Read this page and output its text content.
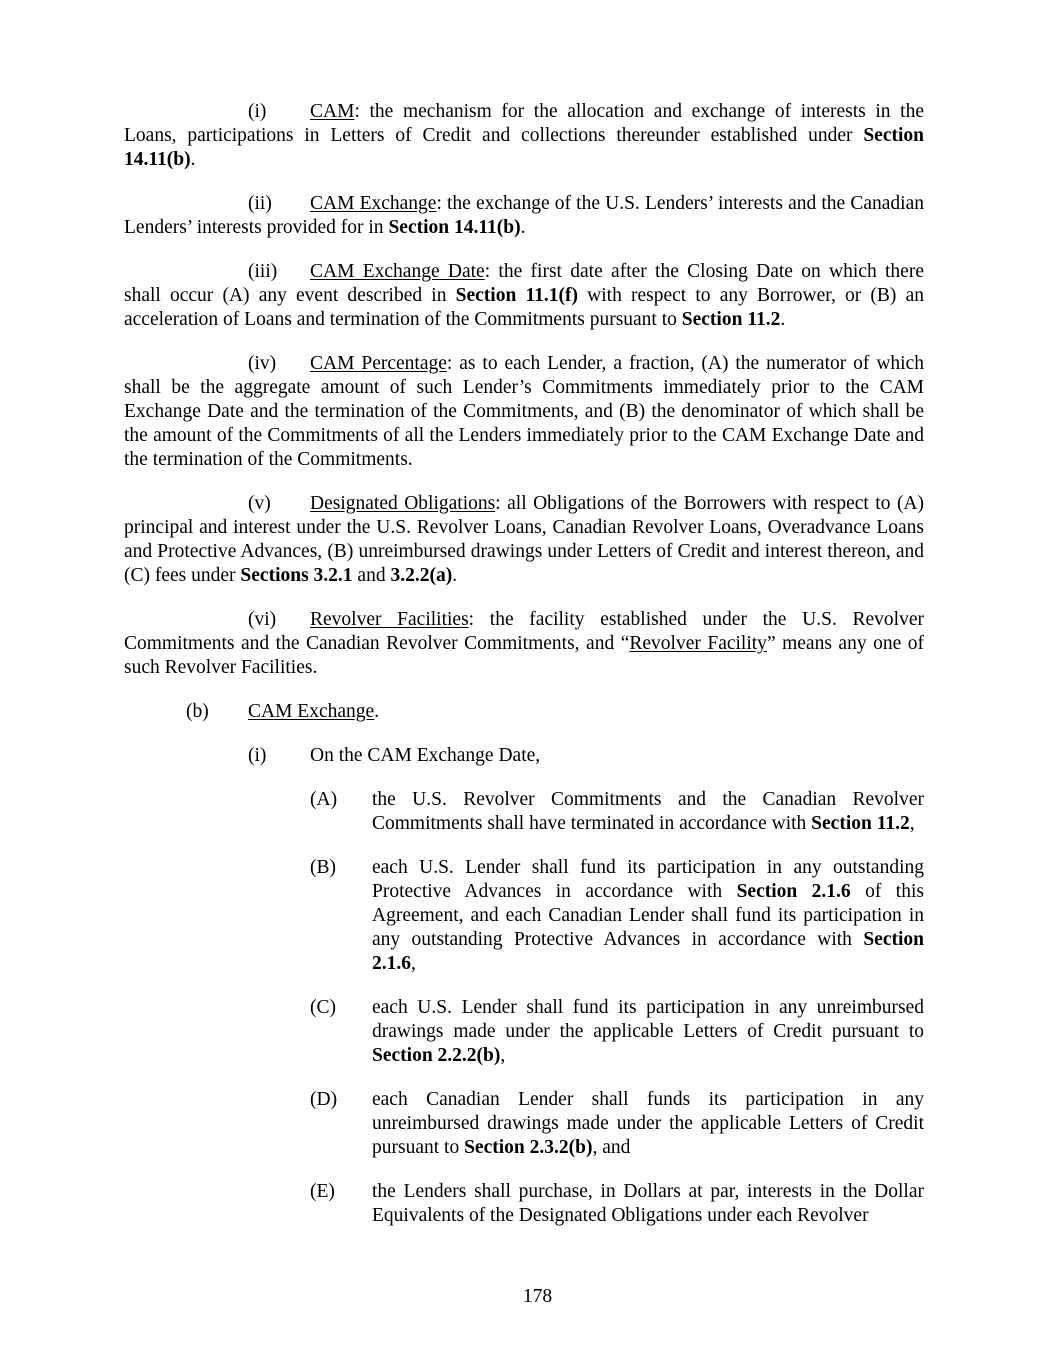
(i) CAM: the mechanism for the allocation and exchange of interests in the Loans, participations in Letters of Credit and collections thereunder established under Section 14.11(b).

(ii) CAM Exchange: the exchange of the U.S. Lenders’ interests and the Canadian Lenders’ interests provided for in Section 14.11(b).

(iii) CAM Exchange Date: the first date after the Closing Date on which there shall occur (A) any event described in Section 11.1(f) with respect to any Borrower, or (B) an acceleration of Loans and termination of the Commitments pursuant to Section 11.2.

(iv) CAM Percentage: as to each Lender, a fraction, (A) the numerator of which shall be the aggregate amount of such Lender’s Commitments immediately prior to the CAM Exchange Date and the termination of the Commitments, and (B) the denominator of which shall be the amount of the Commitments of all the Lenders immediately prior to the CAM Exchange Date and the termination of the Commitments.

(v) Designated Obligations: all Obligations of the Borrowers with respect to (A) principal and interest under the U.S. Revolver Loans, Canadian Revolver Loans, Overadvance Loans and Protective Advances, (B) unreimbursed drawings under Letters of Credit and interest thereon, and (C) fees under Sections 3.2.1 and 3.2.2(a).

(vi) Revolver Facilities: the facility established under the U.S. Revolver Commitments and the Canadian Revolver Commitments, and “Revolver Facility” means any one of such Revolver Facilities.

(b) CAM Exchange.

(i) On the CAM Exchange Date,

(A) the U.S. Revolver Commitments and the Canadian Revolver Commitments shall have terminated in accordance with Section 11.2,

(B) each U.S. Lender shall fund its participation in any outstanding Protective Advances in accordance with Section 2.1.6 of this Agreement, and each Canadian Lender shall fund its participation in any outstanding Protective Advances in accordance with Section 2.1.6,

(C) each U.S. Lender shall fund its participation in any unreimbursed drawings made under the applicable Letters of Credit pursuant to Section 2.2.2(b),

(D) each Canadian Lender shall funds its participation in any unreimbursed drawings made under the applicable Letters of Credit pursuant to Section 2.3.2(b), and

(E) the Lenders shall purchase, in Dollars at par, interests in the Dollar Equivalents of the Designated Obligations under each Revolver

178
